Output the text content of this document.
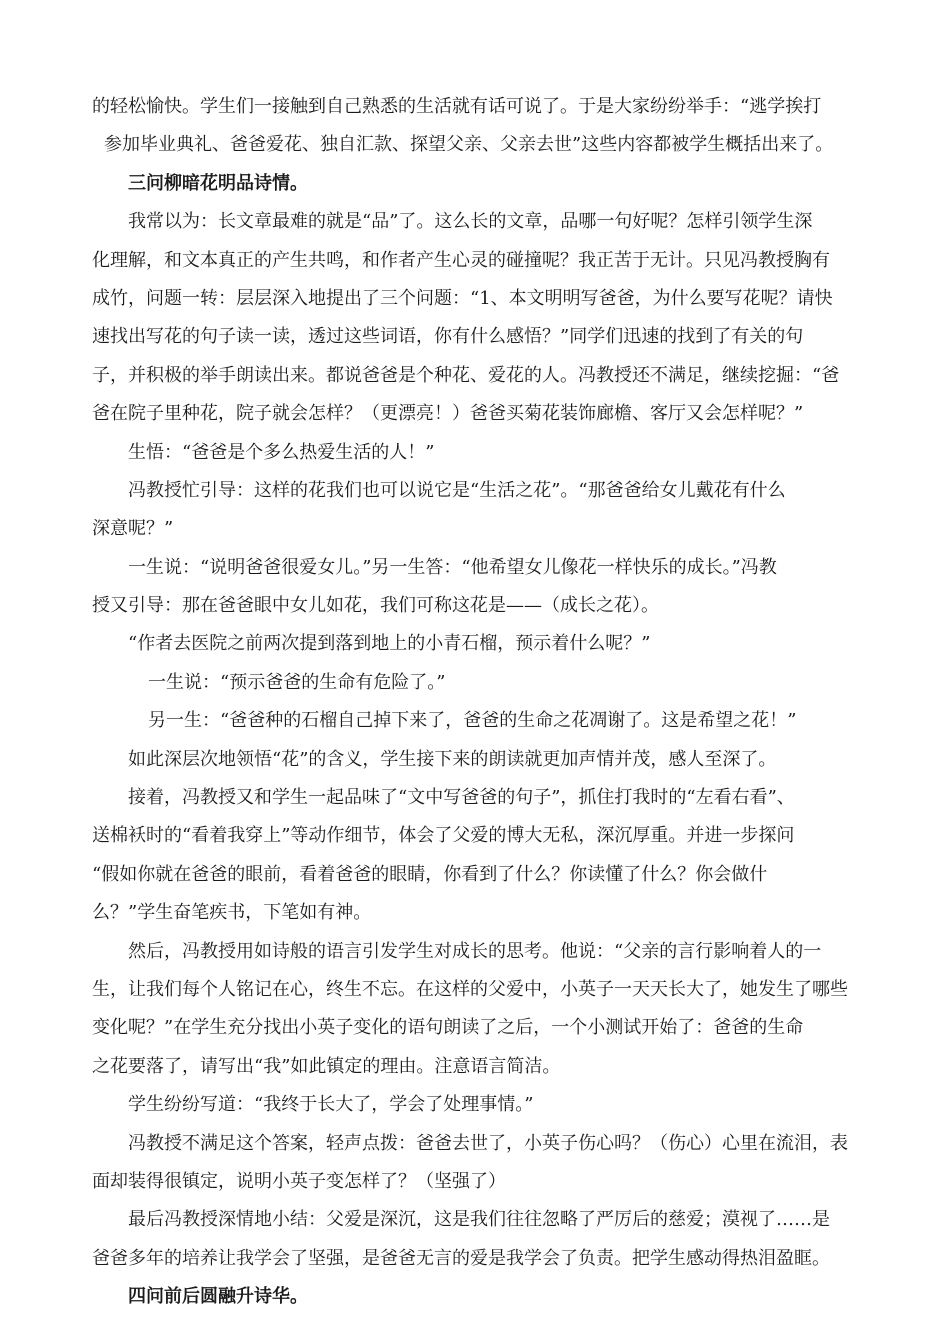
的轻松愉快。学生们一接触到自己熟悉的生活就有话可说了。于是大家纷纷举手：“逃学挨打
参加毕业典礼、爸爸爱花、独自汇款、探望父亲、父亲去世”这些内容都被学生概括出来了。
三问柳暗花明品诗情。
我常以为：长文章最难的就是“品”了。这么长的文章，品哪一句好呢？怎样引领学生深
化理解，和文本真正的产生共鸣，和作者产生心灵的碰撞呢？我正苦于无计。只见冯教授胸有
成竹，问题一转：层层深入地提出了三个问题：“1、本文明明写爸爸，为什么要写花呢？请快
速找出写花的句子读一读，透过这些词语，你有什么感悟？”同学们迅速的找到了有关的句
子，并积极的举手朗读出来。都说爸爸是个种花、爱花的人。冯教授还不满足，继续挖掘：“爸
爸在院子里种花，院子就会怎样？（更漂亮！）爸爸买菊花装饰廊檐、客厅又会怎样呢？”
生悟：“爸爸是个多么热爱生活的人！”
冯教授忙引导：这样的花我们也可以说它是“生活之花”。“那爸爸给女儿戴花有什么
深意呢？”
一生说：“说明爸爸很爱女儿。”另一生答：“他希望女儿像花一样快乐的成长。”冯教
授又引导：那在爸爸眼中女儿如花，我们可称这花是——（成长之花）。
“作者去医院之前两次提到落到地上的小青石榴，预示着什么呢？”
一生说：“预示爸爸的生命有危险了。”
另一生：“爸爸种的石榴自己掉下来了，爸爸的生命之花凋谢了。这是希望之花！”
如此深层次地领悟“花”的含义，学生接下来的朗读就更加声情并茂，感人至深了。
接着，冯教授又和学生一起品味了“文中写爸爸的句子”，抓住打我时的“左看右看”、
送棉袄时的“看着我穿上”等动作细节，体会了父爱的博大无私，深沉厚重。并进一步探问
“假如你就在爸爸的眼前，看着爸爸的眼睛，你看到了什么？你读懂了什么？你会做什
么？”学生奋笔疾书，下笔如有神。
然后，冯教授用如诗般的语言引发学生对成长的思考。他说：“父亲的言行影响着人的一
生，让我们每个人铭记在心，终生不忘。在这样的父爱中，小英子一天天长大了，她发生了哪些
变化呢？”在学生充分找出小英子变化的语句朗读了之后，一个小测试开始了：爸爸的生命
之花要落了，请写出“我”如此镇定的理由。注意语言简洁。
学生纷纷写道：“我终于长大了，学会了处理事情。”
冯教授不满足这个答案，轻声点拨：爸爸去世了，小英子伤心吗？（伤心）心里在流泪，表
面却装得很镇定，说明小英子变怎样了？（坚强了）
最后冯教授深情地小结：父爱是深沉，这是我们往往忽略了严厉后的慈爱；漠视了……是
爸爸多年的培养让我学会了坚强，是爸爸无言的爱是我学会了负责。把学生感动得热泪盈眶。
四问前后圆融升诗华。
